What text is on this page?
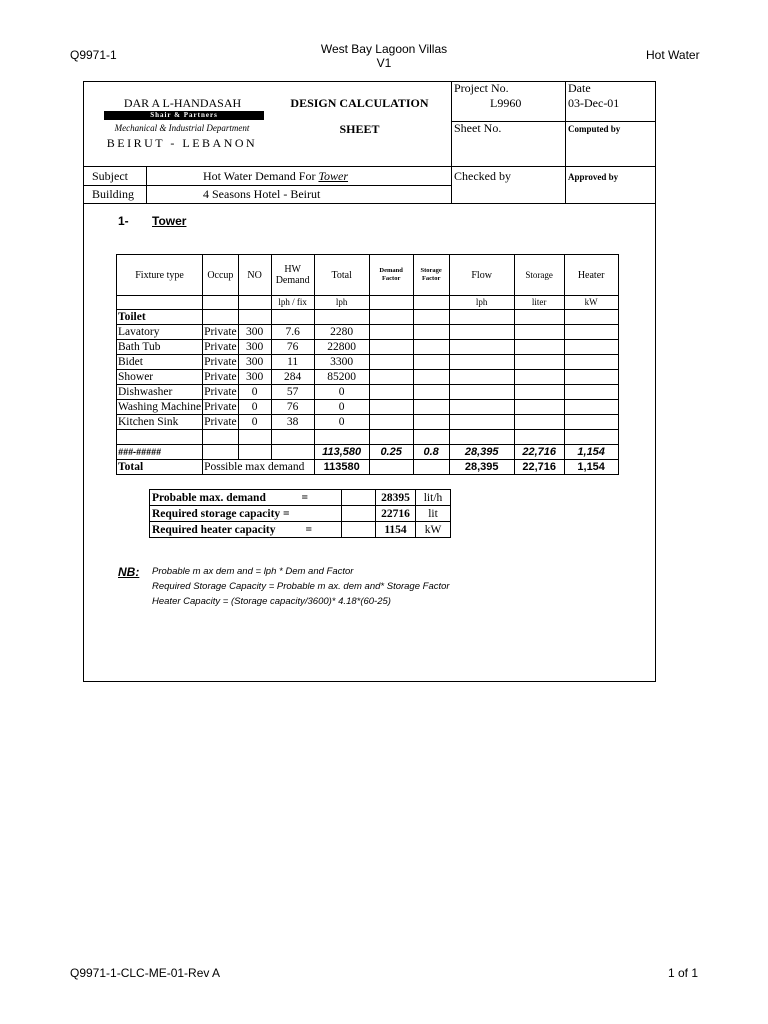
Q9971-1	West Bay Lagoon Villas
V1
Hot Water
DAR A L-HANDASAH
Shair & Partners
Mechanical & Industrial Department
BEIRUT - LEBANON
DESIGN CALCULATION
SHEET
Project No.
L9960
Date
03-Dec-01
Sheet No.	Computed by
Checked by	Approved by
Subject	Hot Water Demand For Tower
Building	4 Seasons Hotel - Beirut
1- Tower
Fixture type	Occup	NO	HW Demand	Total	Demand Factor	Storage Factor	Flow	Storage	Heater
			lph / fix	lph			lph	liter	kW
Toilet									
Lavatory	Private	300	7.6	2280					
Bath Tub	Private	300	76	22800					
Bidet	Private	300	11	3300					
Shower	Private	300	284	85200					
Dishwasher	Private	0	57	0					
Washing Machine	Private	0	76	0					
Kitchen Sink	Private	0	38	0					

###-#####				113,580	0.25	0.8	28,395	22,716	1,154
Total	Possible max demand			113580			28,395	22,716	1,154
Probable max. demand	=		28395	lit/h
Required storage capacity =			22716	lit
Required heater capacity	=		1154	kW
NB: Probable m ax dem and = lph * Dem and Factor
Required Storage Capacity = Probable m ax. dem and* Storage Factor
Heater Capacity = (Storage capacity/3600)* 4.18*(60-25)
Q9971-1-CLC-ME-01-Rev A	1 of 1
